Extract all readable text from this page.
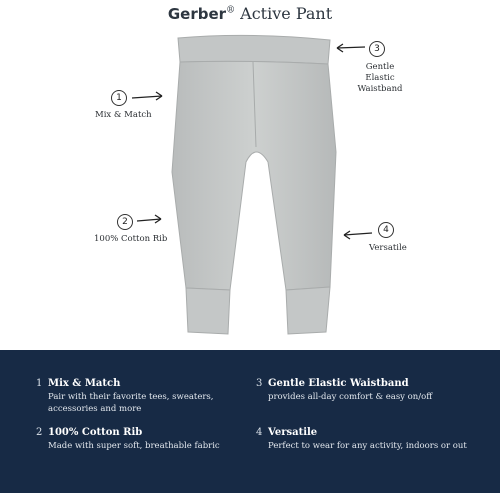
Gerber® Active Pant
3
Gentle Elastic
Waistband
1
Mix & Match
2
100% Cotton Rib
4
Versatile
1 Mix & Match
Pair with their favorite tees, sweaters,
accessories and more
2 100% Cotton Rib
Made with super soft, breathable fabric
3 Gentle Elastic Waistband
provides all-day comfort & easy on/off
4 Versatile
Perfect to wear for any activity, indoors or out
